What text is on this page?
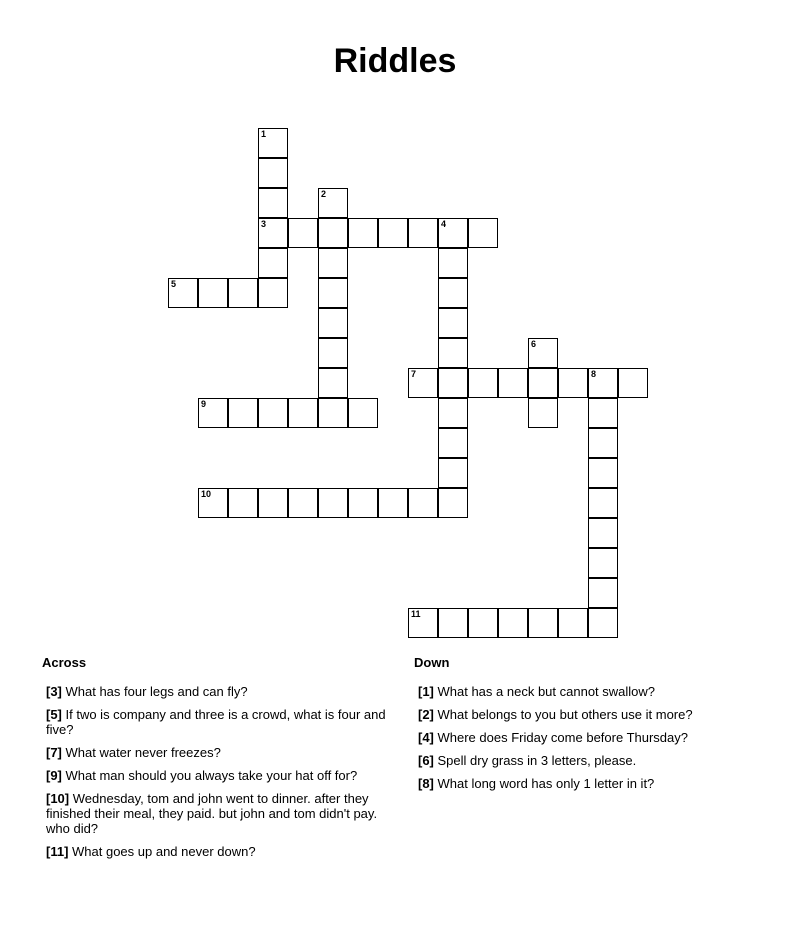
Riddles
1
3
2
4
5
6
7	8
9
10
11
Across
[3] What has four legs and can fly?
[5] If two is company and three is a crowd, what is four and five?
[7] What water never freezes?
[9] What man should you always take your hat off for?
[10] Wednesday, tom and john went to dinner. after they finished their meal, they paid. but john and tom didn't pay. who did?
[11] What goes up and never down?
Down
[1] What has a neck but cannot swallow?
[2] What belongs to you but others use it more?
[4] Where does Friday come before Thursday?
[6] Spell dry grass in 3 letters, please.
[8] What long word has only 1 letter in it?
